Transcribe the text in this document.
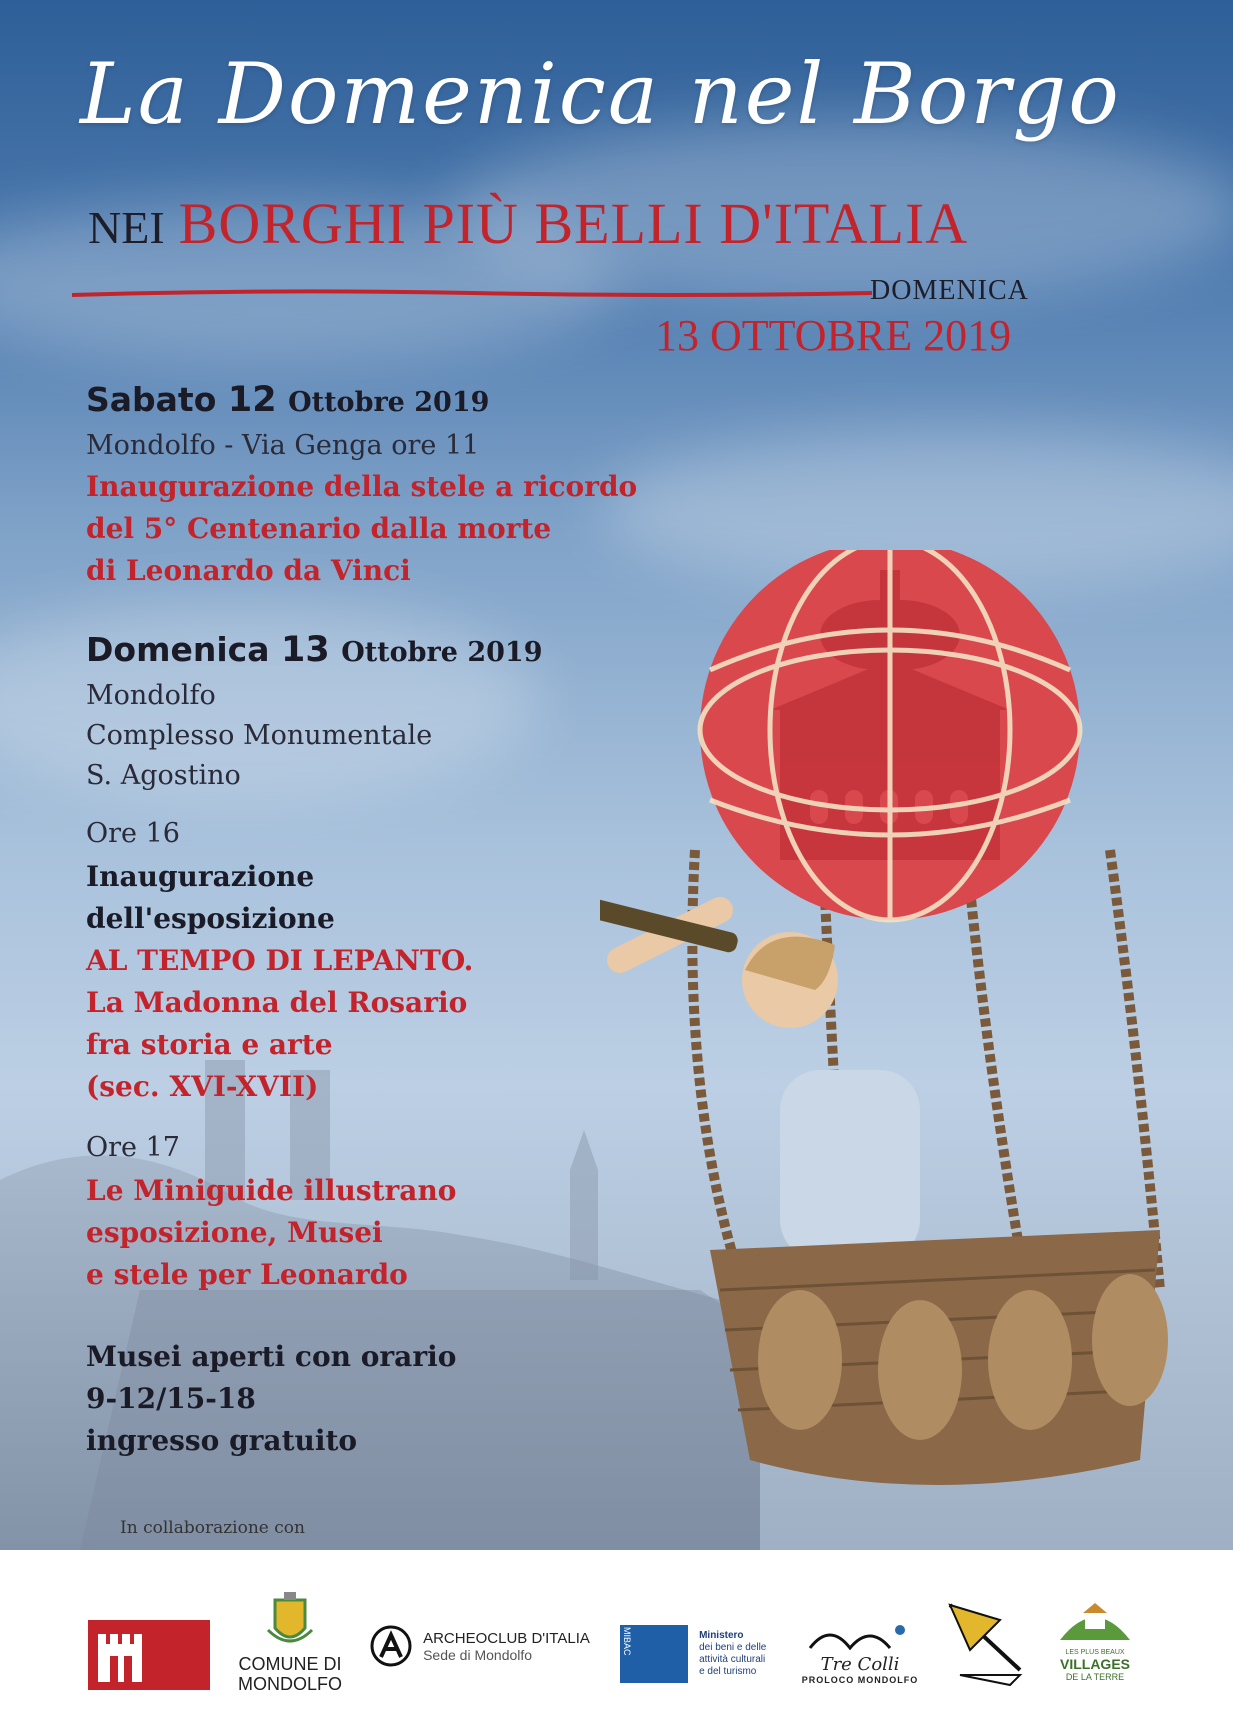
La Domenica nel Borgo
NEI BORGHI PIÙ BELLI D'ITALIA
DOMENICA
13 OTTOBRE 2019
Sabato 12 Ottobre 2019
Mondolfo - Via Genga ore 11
Inaugurazione della stele a ricordo
del 5° Centenario dalla morte
di Leonardo da Vinci
Domenica 13 Ottobre 2019
Mondolfo
Complesso Monumentale
S. Agostino
Ore 16
Inaugurazione
dell'esposizione
AL TEMPO DI LEPANTO.
La Madonna del Rosario
fra storia e arte
(sec. XVI-XVII)
Ore 17
Le Miniguide illustrano
esposizione, Musei
e stele per Leonardo
Musei aperti con orario
9-12/15-18
ingresso gratuito
In collaborazione con
COMUNE DI
MONDOLFO

ARCHEOCLUB D'ITALIA
Sede di Mondolfo	MIBAC
	Ministero
dei beni e delle
attività culturali
e del turismo	Tre Colli
PROLOCO MONDOLFO
LES PLUS BEAUX
VILLAGES
DE LA TERRE
